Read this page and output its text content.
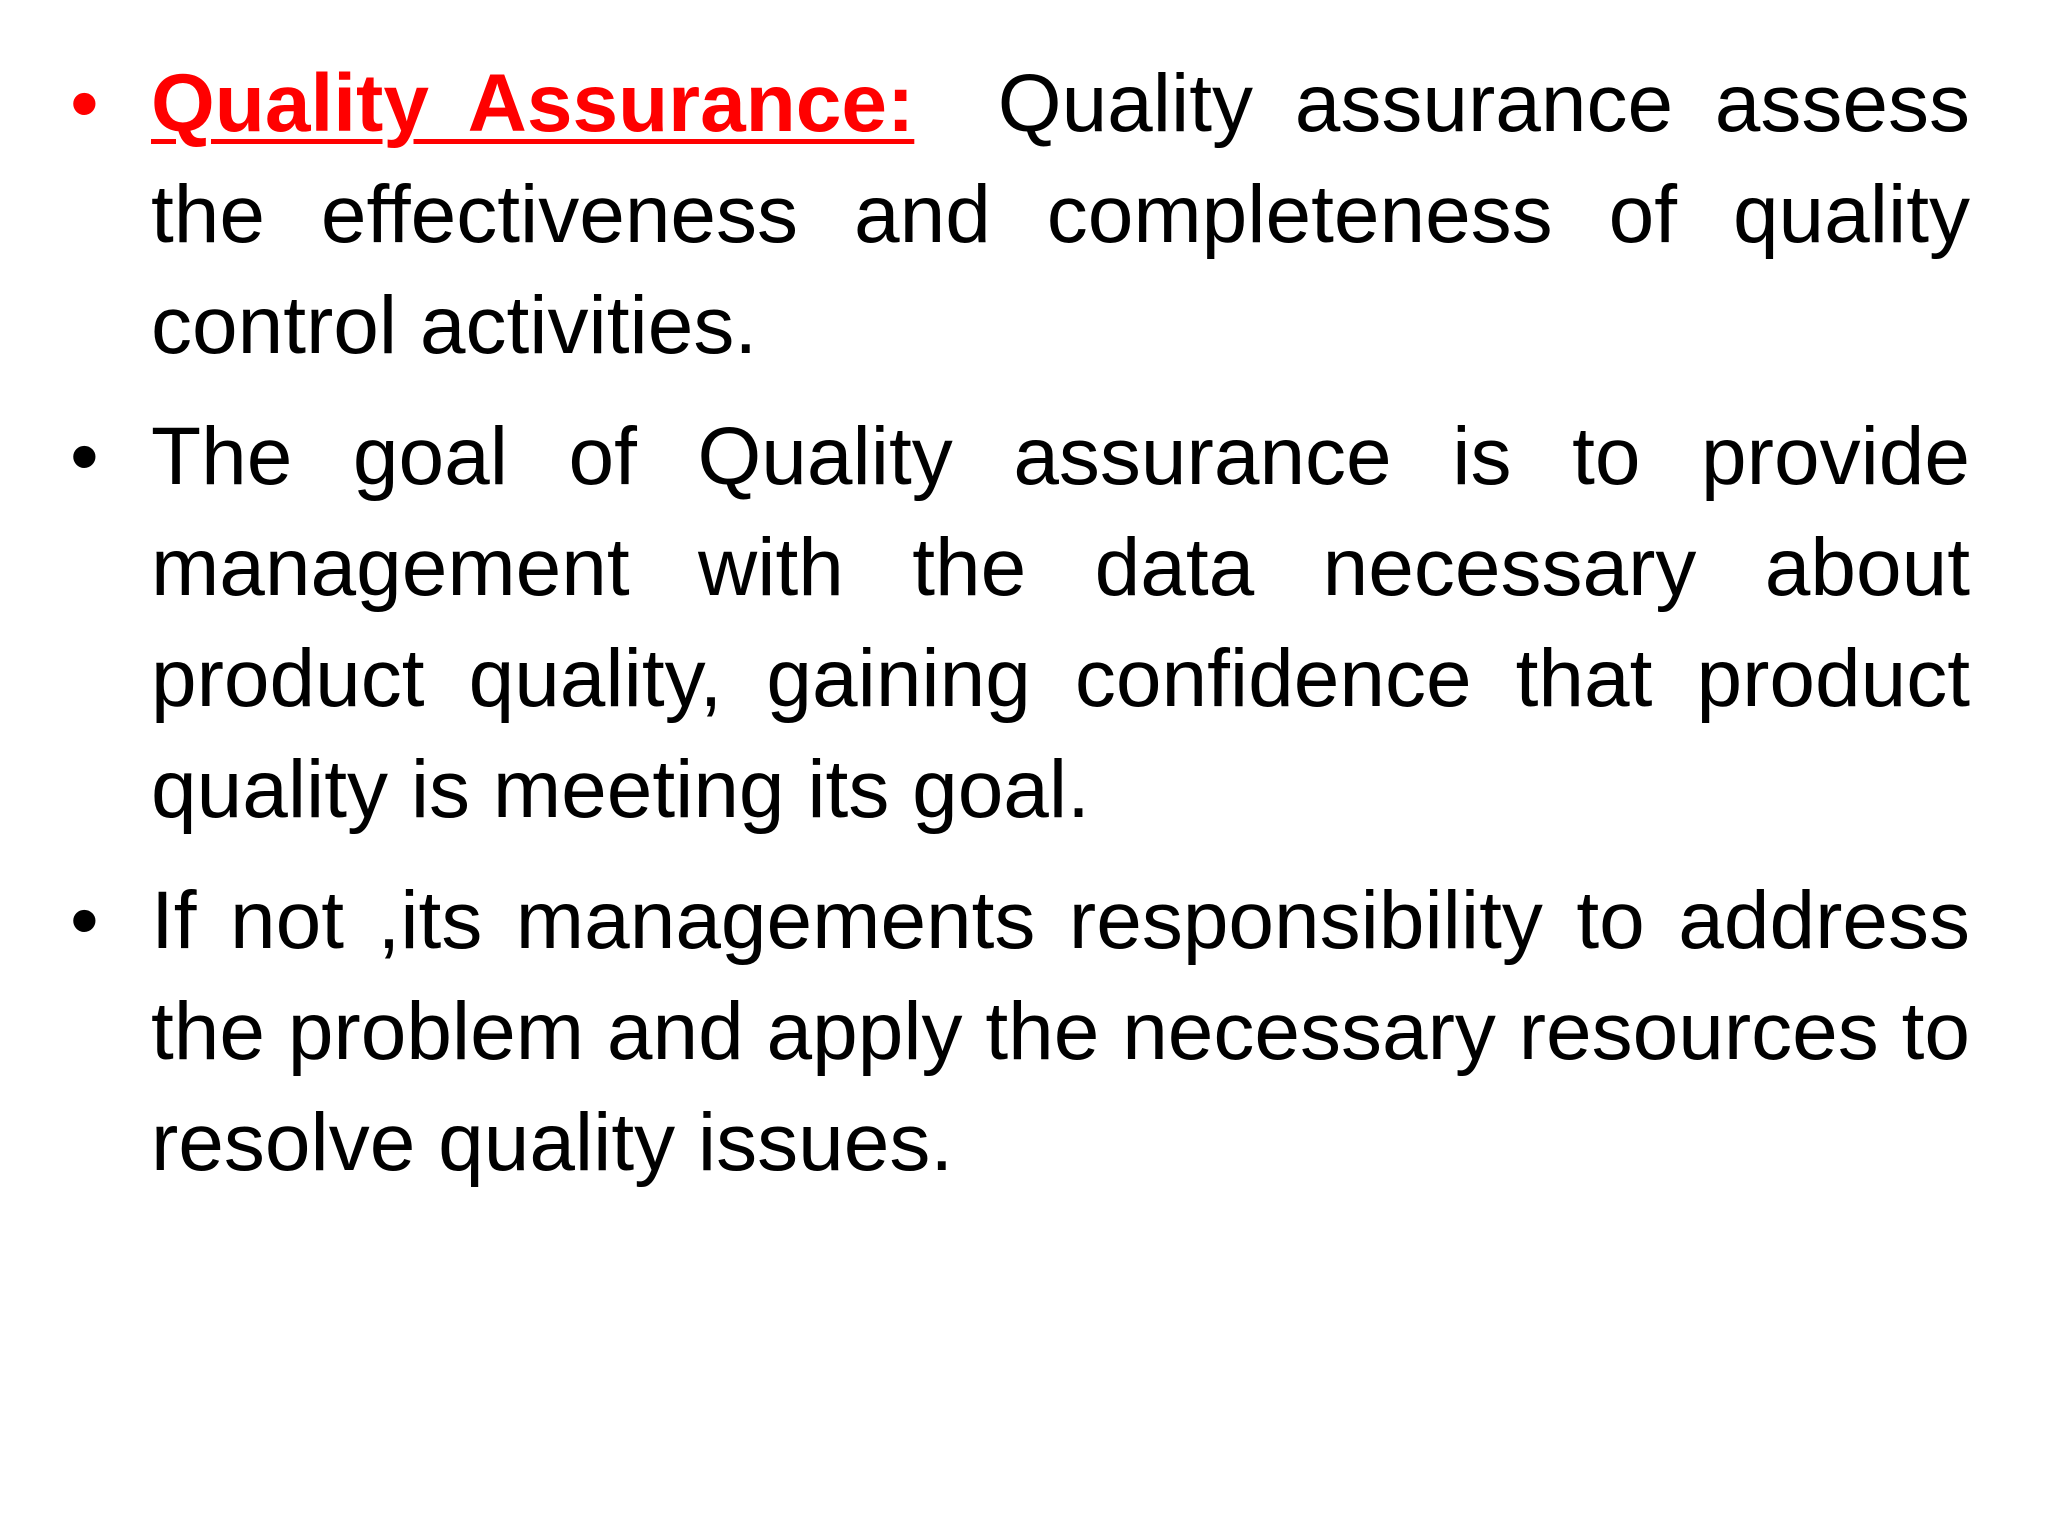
• Quality Assurance: Quality assurance assess the effectiveness and completeness of quality control activities.
• The goal of Quality assurance is to provide management with the data necessary about product quality, gaining confidence that product quality is meeting its goal.
• If not ,its managements responsibility to address the problem and apply the necessary resources to resolve quality issues.
